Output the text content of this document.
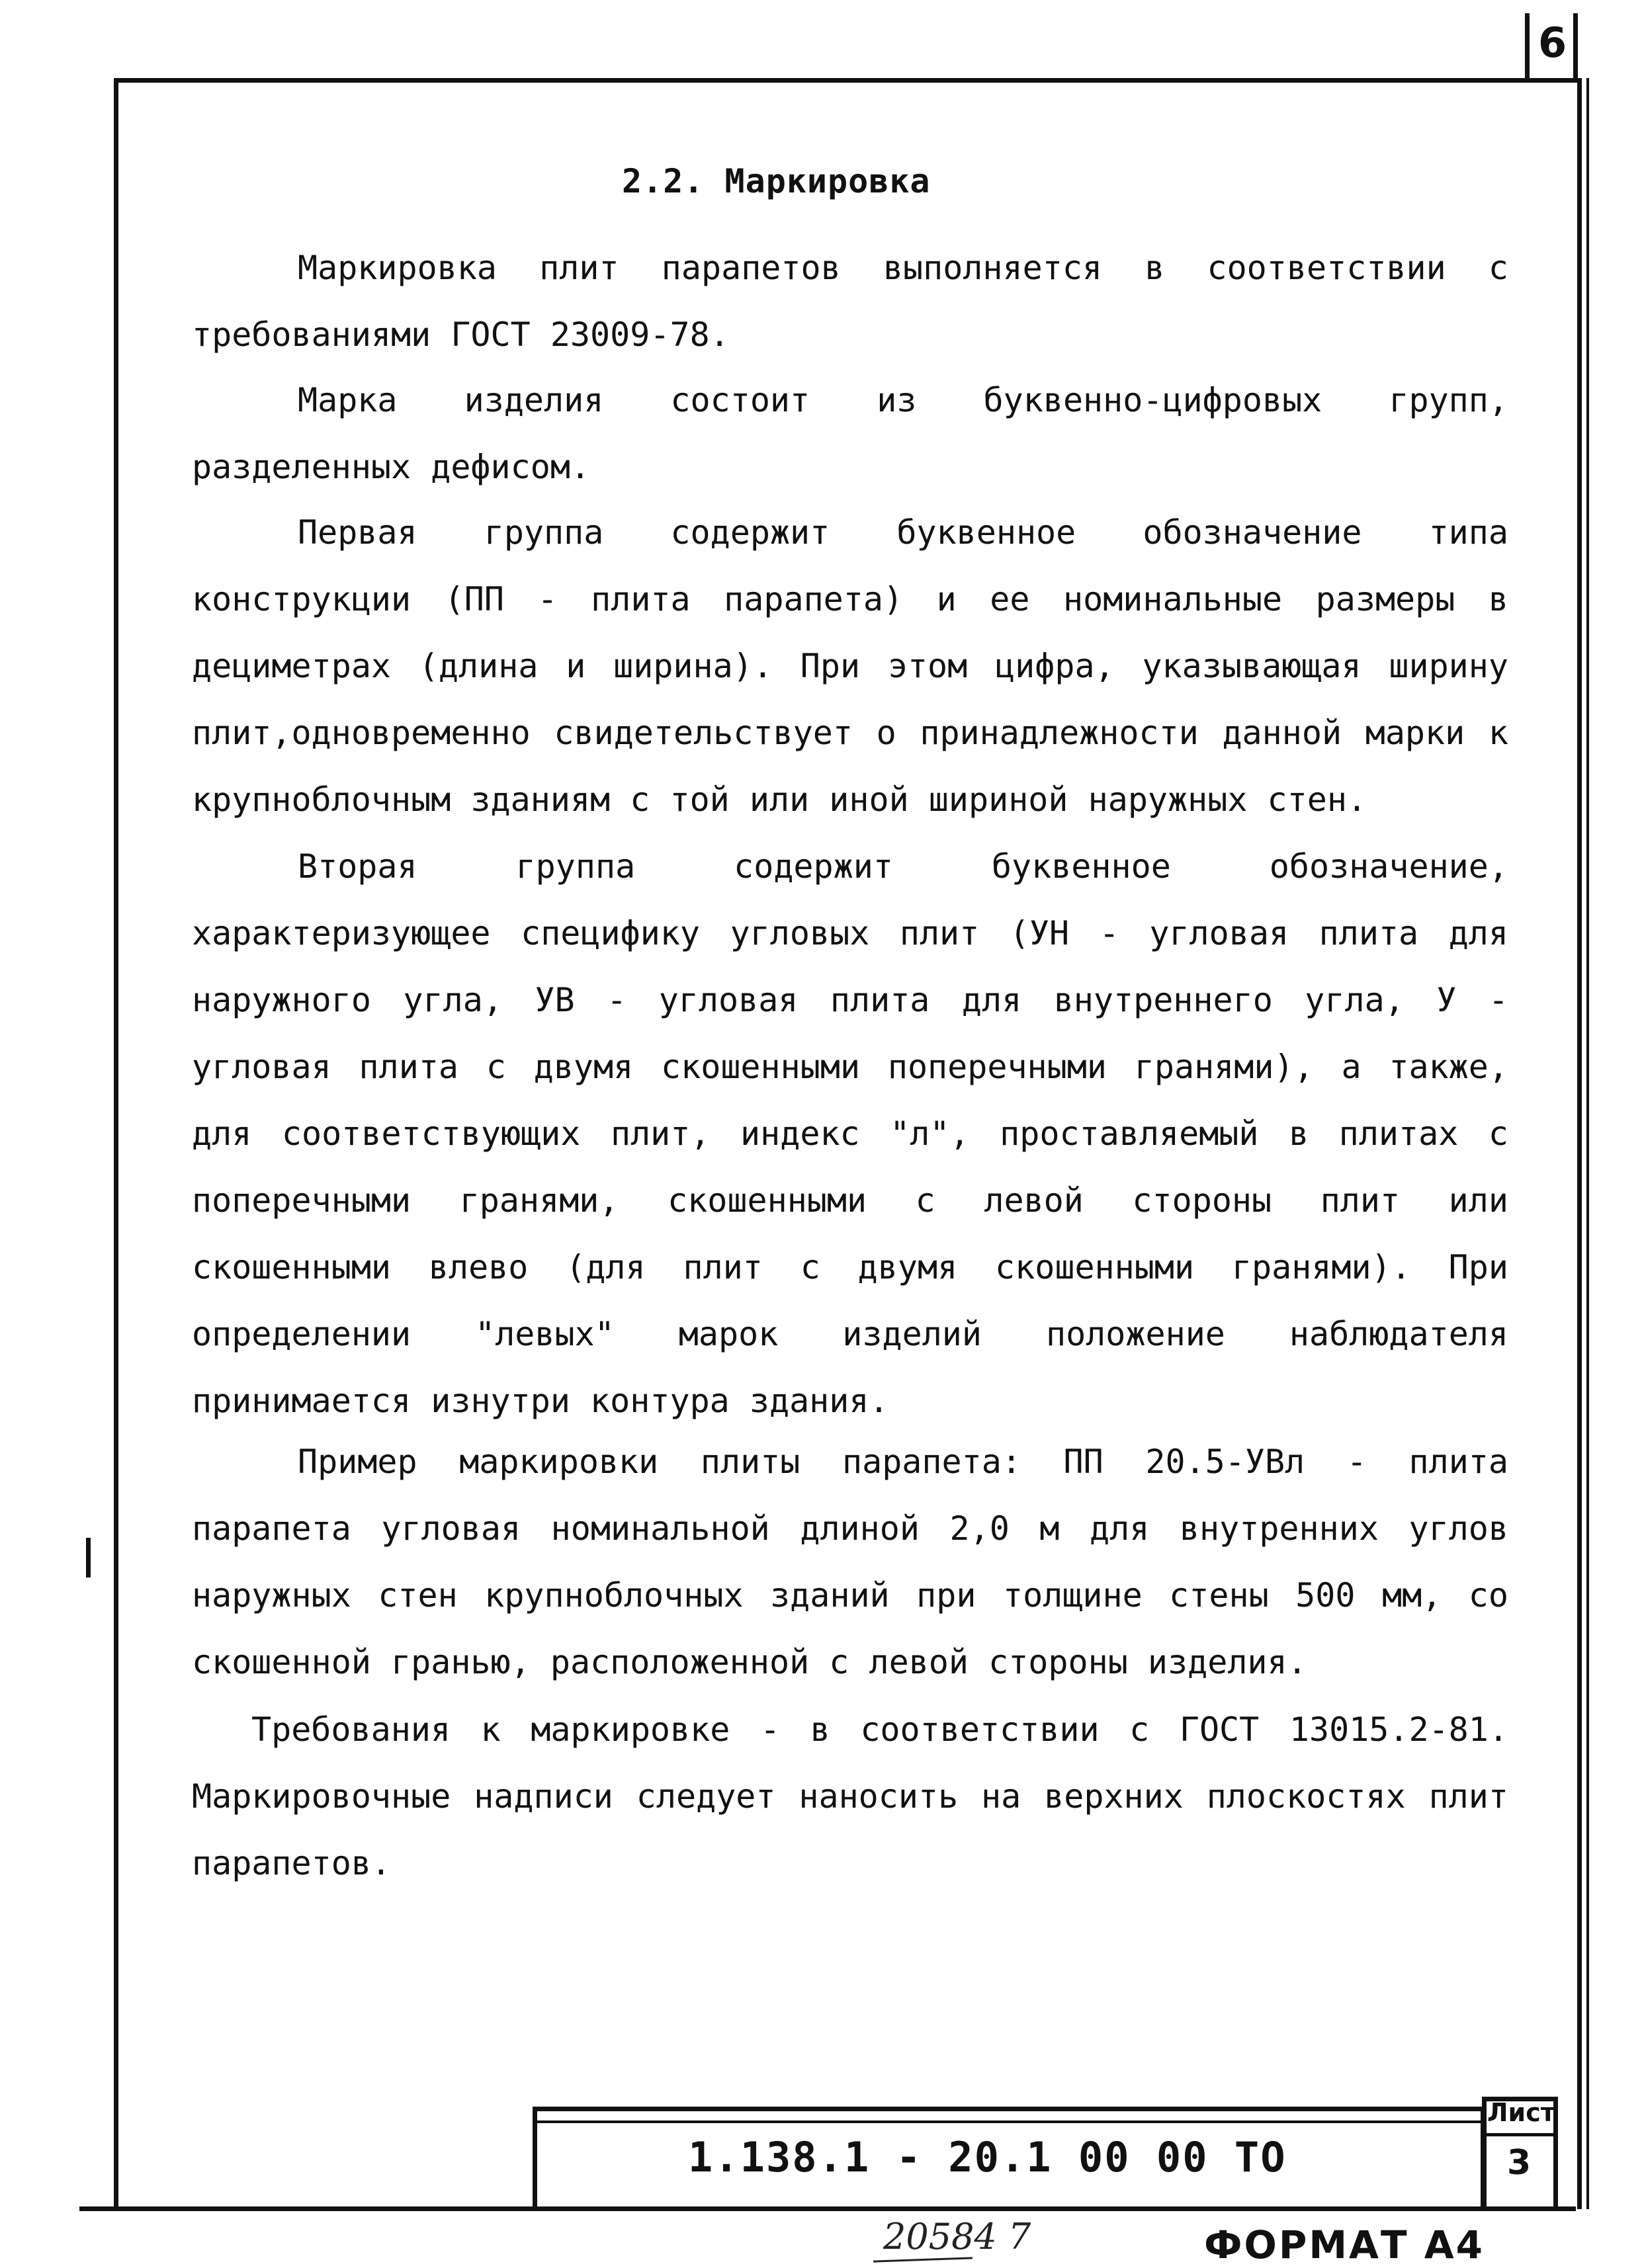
6
2.2. Маркировка

Маркировка плит парапетов выполняется в соответствии с требованиями ГОСТ 23009-78.

Марка изделия состоит из буквенно-цифровых групп, разделенных дефисом.

Первая группа содержит буквенное обозначение типа конструкции (ПП - плита парапета) и ее номинальные размеры в дециметрах (длина и ширина). При этом цифра, указывающая ширину плит,одновременно свидетельствует о принадлежности данной марки к крупноблочным зданиям с той или иной шириной наружных стен.

Вторая группа содержит буквенное обозначение, характеризующее специфику угловых плит (УН - угловая плита для наружного угла, УВ - угловая плита для внутреннего угла, У - угловая плита с двумя скошенными поперечными гранями), а также, для соответствующих плит, индекс "л", проставляемый в плитах с поперечными гранями, скошенными с левой стороны плит или скошенными влево (для плит с двумя скошенными гранями). При определении "левых" марок изделий положение наблюдателя принимается изнутри контура здания.

Пример маркировки плиты парапета: ПП 20.5-УВл - плита парапета угловая номинальной длиной 2,0 м для внутренних углов наружных стен крупноблочных зданий при толщине стены 500 мм, со скошенной гранью, расположенной с левой стороны изделия.

Требования к маркировке - в соответствии с ГОСТ 13015.2-81. Маркировочные надписи следует наносить на верхних плоскостях плит парапетов.

1.138.1 - 20.1 00 00 ТО
Лист
3
20584 7	ФОРМАТ А4
